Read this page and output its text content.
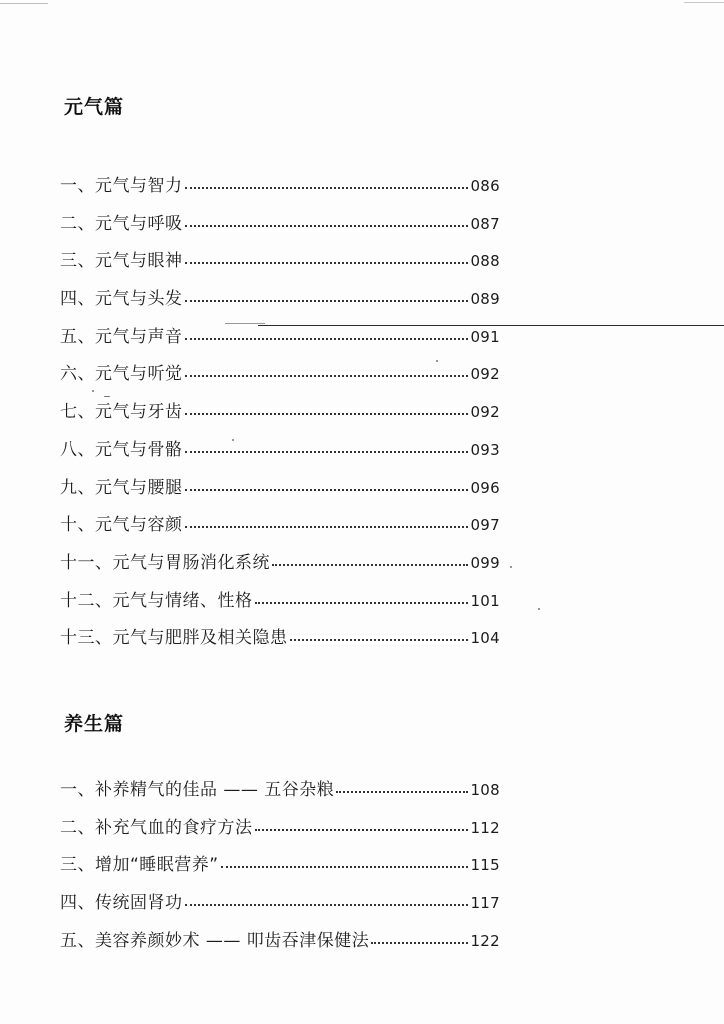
元气篇
一、元气与智力	086
二、元气与呼吸	087
三、元气与眼神	088
四、元气与头发	089
五、元气与声音	091
六、元气与听觉	092
七、元气与牙齿	092
八、元气与骨骼	093
九、元气与腰腿	096
十、元气与容颜	097
十一、元气与胃肠消化系统	099
十二、元气与情绪、性格	101
十三、元气与肥胖及相关隐患	104
养生篇
一、补养精气的佳品 —— 五谷杂粮	108
二、补充气血的食疗方法	112
三、增加“睡眠营养”	115
四、传统固肾功	117
五、美容养颜妙术 —— 叩齿吞津保健法	122
